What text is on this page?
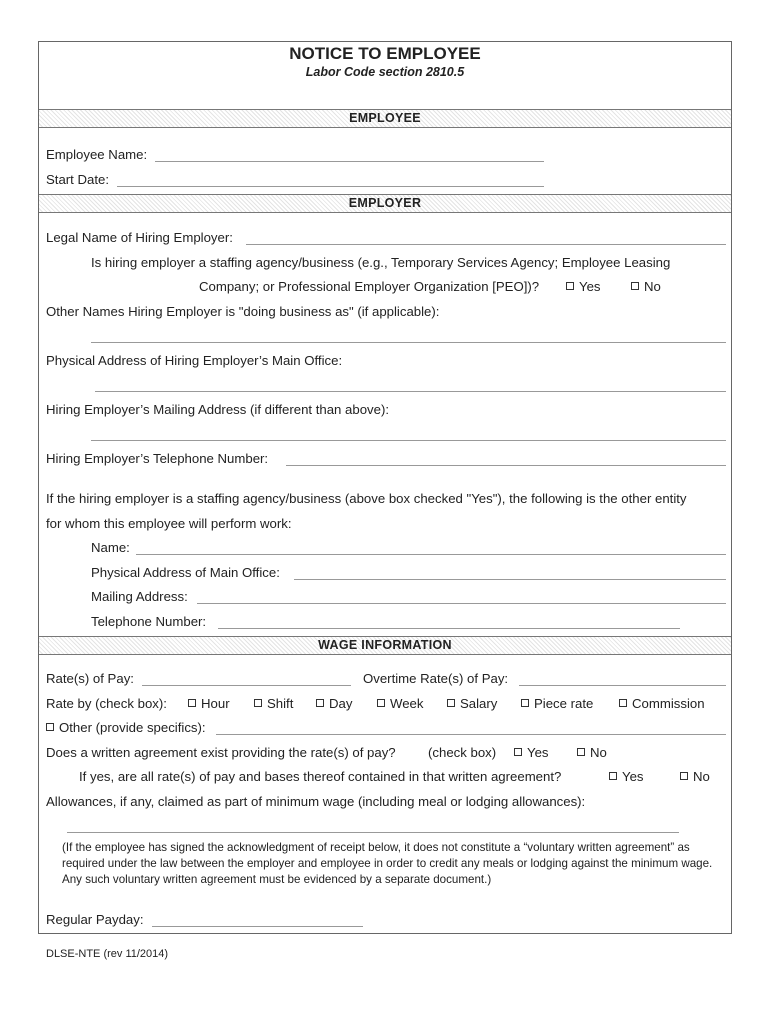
NOTICE TO EMPLOYEE
Labor Code section 2810.5
EMPLOYEE
Employee Name:
Start Date:
EMPLOYER
Legal Name of Hiring Employer:
Is hiring employer a staffing agency/business (e.g., Temporary Services Agency; Employee Leasing
Company; or Professional Employer Organization [PEO])?	Yes	No
Other Names Hiring Employer is "doing business as" (if applicable):
Physical Address of Hiring Employer’s Main Office:
Hiring Employer’s Mailing Address (if different than above):
Hiring Employer’s Telephone Number:
If the hiring employer is a staffing agency/business (above box checked "Yes"), the following is the other entity
for whom this employee will perform work:
Name:
Physical Address of Main Office:
Mailing Address:
Telephone Number:
WAGE INFORMATION
Rate(s) of Pay:	Overtime Rate(s) of Pay:
Rate by (check box):	Hour	Shift	Day	Week	Salary	Piece rate	Commission
Other (provide specifics):
Does a written agreement exist providing the rate(s) of pay? (check box)	Yes	No
If yes, are all rate(s) of pay and bases thereof contained in that written agreement?	Yes	No
Allowances, if any, claimed as part of minimum wage (including meal or lodging allowances):
(If the employee has signed the acknowledgment of receipt below, it does not constitute a “voluntary written agreement” as required under the law between the employer and employee in order to credit any meals or lodging against the minimum wage. Any such voluntary written agreement must be evidenced by a separate document.)
Regular Payday:
DLSE-NTE (rev 11/2014)
